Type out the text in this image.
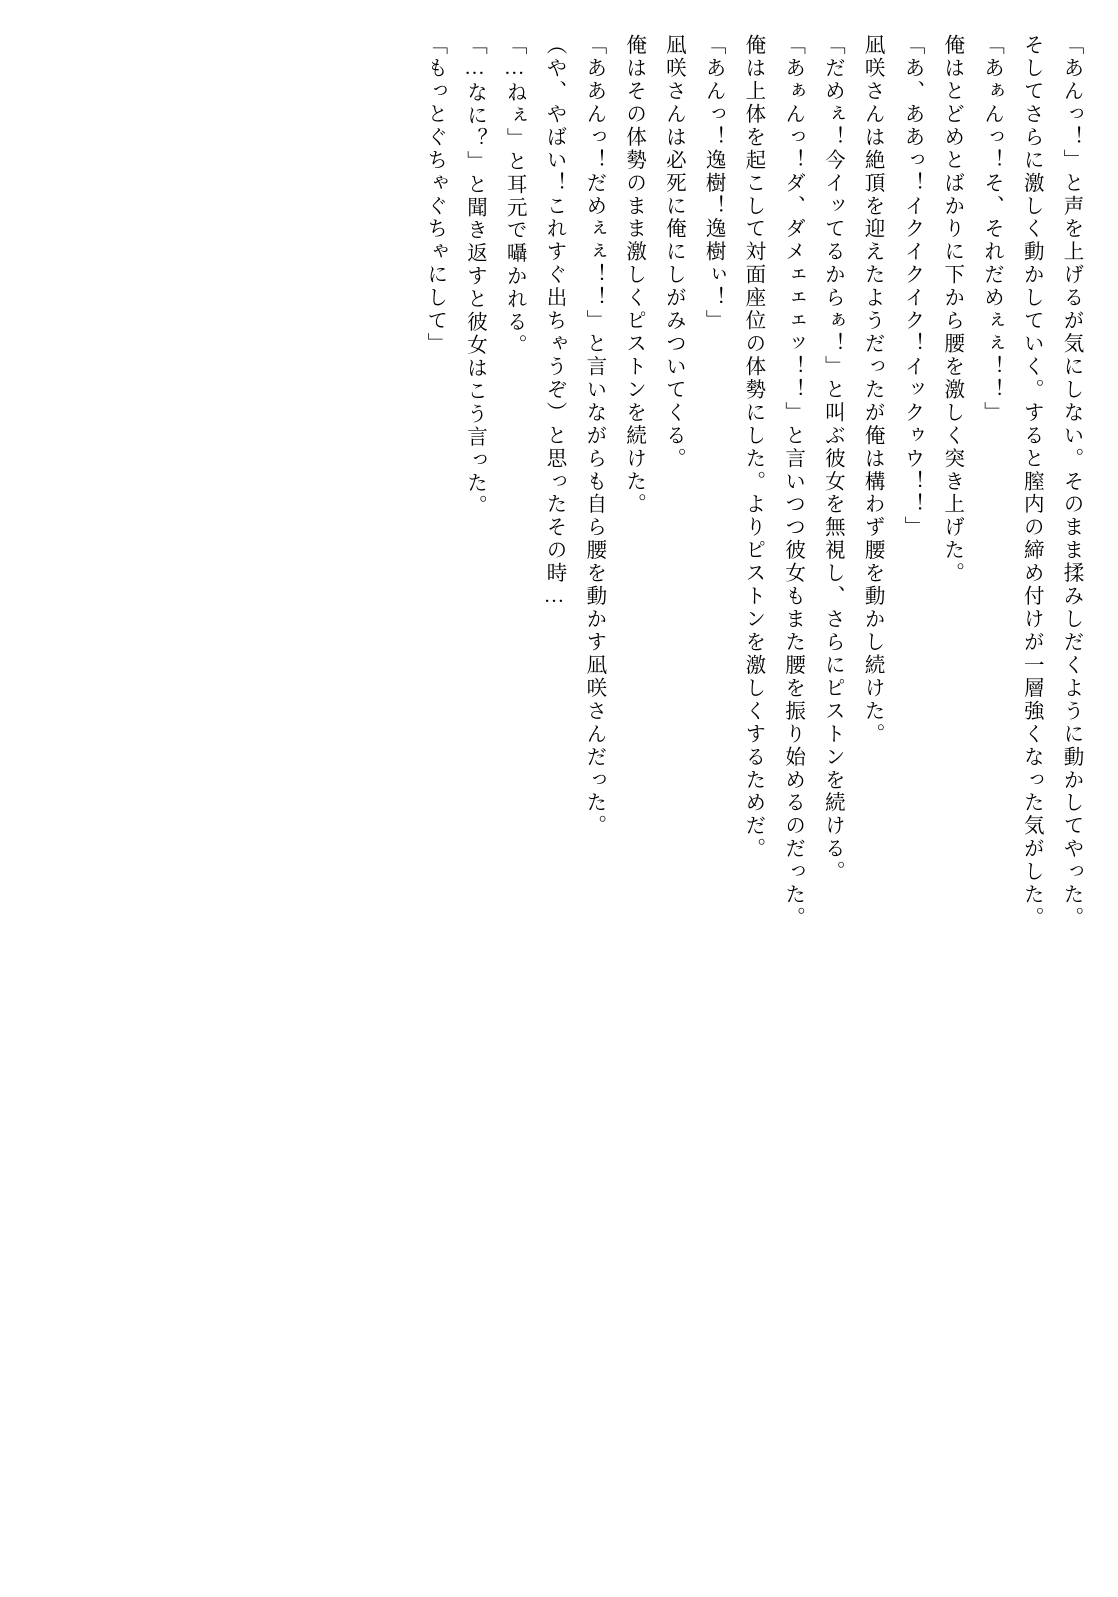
「あんっ！」と声を上げるが気にしない。そのまま揉みしだくように動かしてやった。

そしてさらに激しく動かしていく。すると膣内の締め付けが一層強くなった気がした。

「あぁんっ！そ、それだめぇぇ！！」

俺はとどめとばかりに下から腰を激しく突き上げた。

「あ、ああっ！イクイクイク！イックゥウ！！」

凪咲さんは絶頂を迎えたようだったが俺は構わず腰を動かし続けた。

「だめぇ！今イッてるからぁ！」と叫ぶ彼女を無視し、さらにピストンを続ける。

「あぁんっ！ダ、ダメェェェッ！！」と言いつつ彼女もまた腰を振り始めるのだった。

俺は上体を起こして対面座位の体勢にした。よりピストンを激しくするためだ。

「あんっ！逸樹！逸樹ぃ！」

凪咲さんは必死に俺にしがみついてくる。

俺はその体勢のまま激しくピストンを続けた。

「ああんっ！だめぇぇ！！」と言いながらも自ら腰を動かす凪咲さんだった。

（や、やばい！これすぐ出ちゃうぞ）と思ったその時…

「…ねぇ」と耳元で囁かれる。

「…なに？」と聞き返すと彼女はこう言った。

「もっとぐちゃぐちゃにして」
